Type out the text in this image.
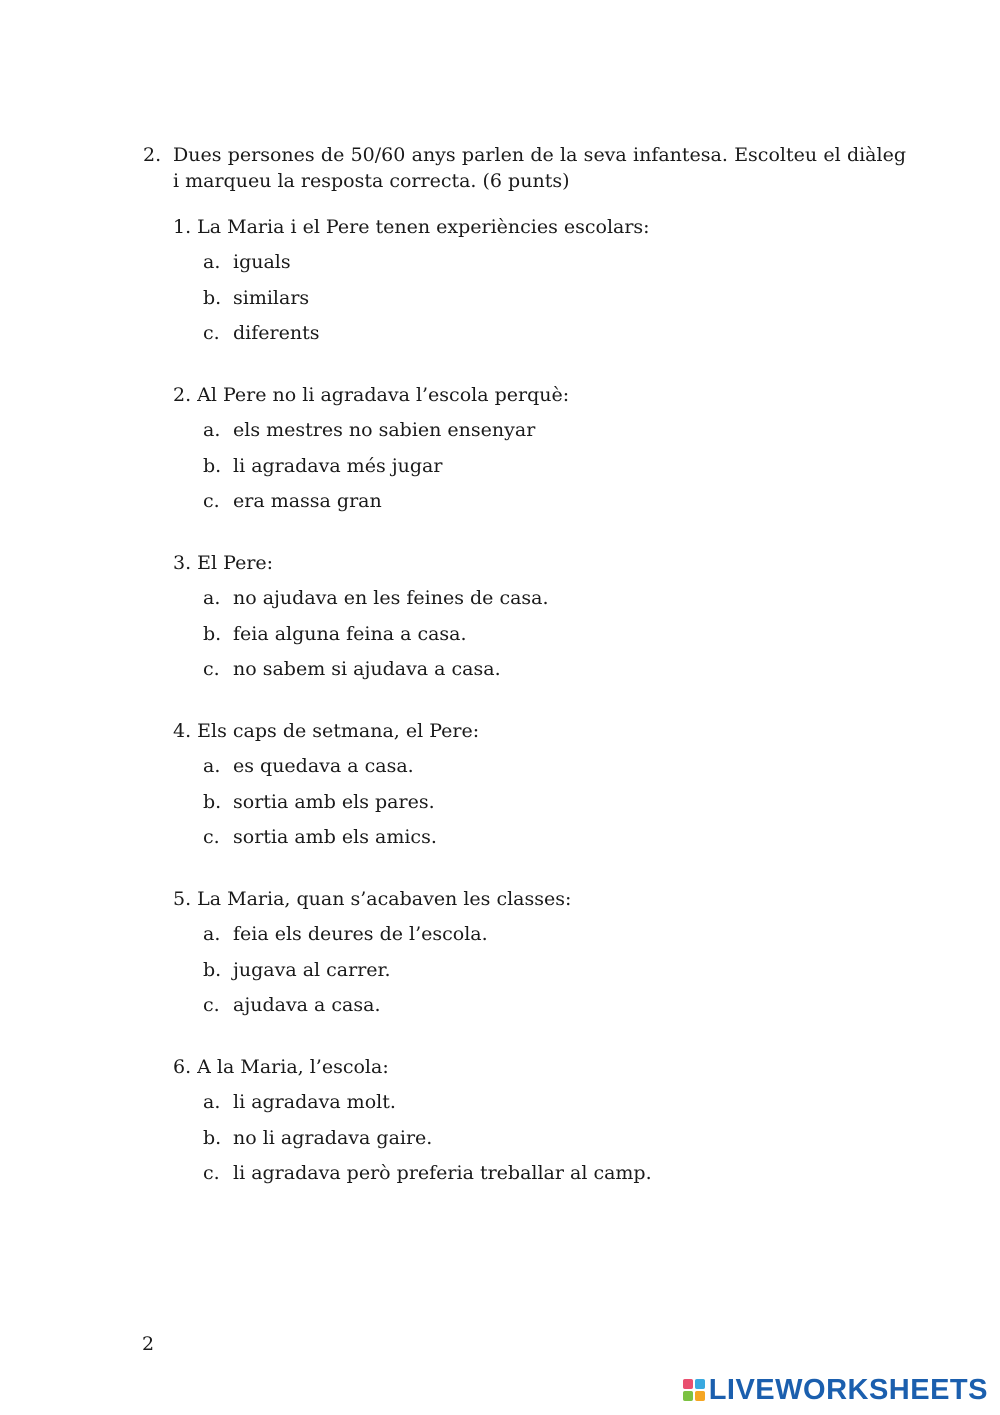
2. Dues persones de 50/60 anys parlen de la seva infantesa. Escolteu el diàleg i marqueu la resposta correcta. (6 punts)
1. La Maria i el Pere tenen experiències escolars:
a. iguals
b. similars
c. diferents
2. Al Pere no li agradava l’escola perquè:
a. els mestres no sabien ensenyar
b. li agradava més jugar
c. era massa gran
3. El Pere:
a. no ajudava en les feines de casa.
b. feia alguna feina a casa.
c. no sabem si ajudava a casa.
4. Els caps de setmana, el Pere:
a. es quedava a casa.
b. sortia amb els pares.
c. sortia amb els amics.
5. La Maria, quan s’acabaven les classes:
a. feia els deures de l’escola.
b. jugava al carrer.
c. ajudava a casa.
6. A la Maria, l’escola:
a. li agradava molt.
b. no li agradava gaire.
c. li agradava però preferia treballar al camp.
2
LIVEWORKSHEETS
